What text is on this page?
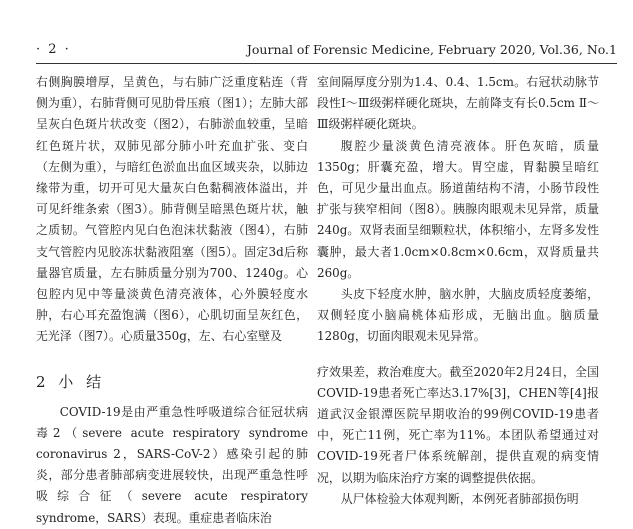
· 2 ·	Journal of Forensic Medicine, February 2020, Vol.36, No.1

右侧胸膜增厚，呈黄色，与右肺广泛重度粘连（背侧为重），右肺背侧可见肋骨压痕（图1）；左肺大部呈灰白色斑片状改变（图2），右肺淤血较重，呈暗红色斑片状，双肺见部分肺小叶充血扩张、变白（左侧为重），与暗红色淤血出血区域夹杂，以肺边缘带为重，切开可见大量灰白色黏稠液体溢出，并可见纤维条索（图3）。肺背侧呈暗黑色斑片状，触之质韧。气管腔内见白色泡沫状黏液（图4），右肺支气管腔内见胶冻状黏液阻塞（图5）。固定3d后称量器官质量，左右肺质量分别为700、1240g。心包腔内见中等量淡黄色清亮液体，心外膜轻度水肿，右心耳充盈饱满（图6），心肌切面呈灰红色，无光泽（图7）。心质量350g，左、右心室壁及

2 小 结

COVID-19是由严重急性呼吸道综合征冠状病毒2（severe acute respiratory syndrome coronavirus 2，SARS-CoV-2）感染引起的肺炎，部分患者肺部病变进展较快，出现严重急性呼吸综合征（severe acute respiratory syndrome，SARS）表现。重症患者临床治

室间隔厚度分别为1.4、0.4、1.5cm。右冠状动脉节段性Ⅰ～Ⅲ级粥样硬化斑块，左前降支有长0.5cm Ⅱ～Ⅲ级粥样硬化斑块。

腹腔少量淡黄色清亮液体。肝色灰暗，质量1350g；肝囊充盈，增大。胃空虚，胃黏膜呈暗红色，可见少量出血点。肠道菌结构不清，小肠节段性扩张与狭窄相间（图8）。胰腺肉眼观未见异常，质量240g。双肾表面呈细颗粒状，体积缩小，左肾多发性囊肿，最大者1.0cm×0.8cm×0.6cm，双肾质量共260g。

头皮下轻度水肿，脑水肿，大脑皮质轻度萎缩，双侧轻度小脑扁桃体疝形成，无脑出血。脑质量1280g，切面肉眼观未见异常。

疗效果差，救治难度大。截至2020年2月24日，全国COVID-19患者死亡率达3.17%[3]，CHEN等[4]报道武汉金银潭医院早期收治的99例COVID-19患者中，死亡11例，死亡率为11%。本团队希望通过对COVID-19死者尸体系统解剖，提供直观的病变情况，以期为临床治疗方案的调整提供依据。

从尸体检验大体观判断，本例死者肺部损伤明
